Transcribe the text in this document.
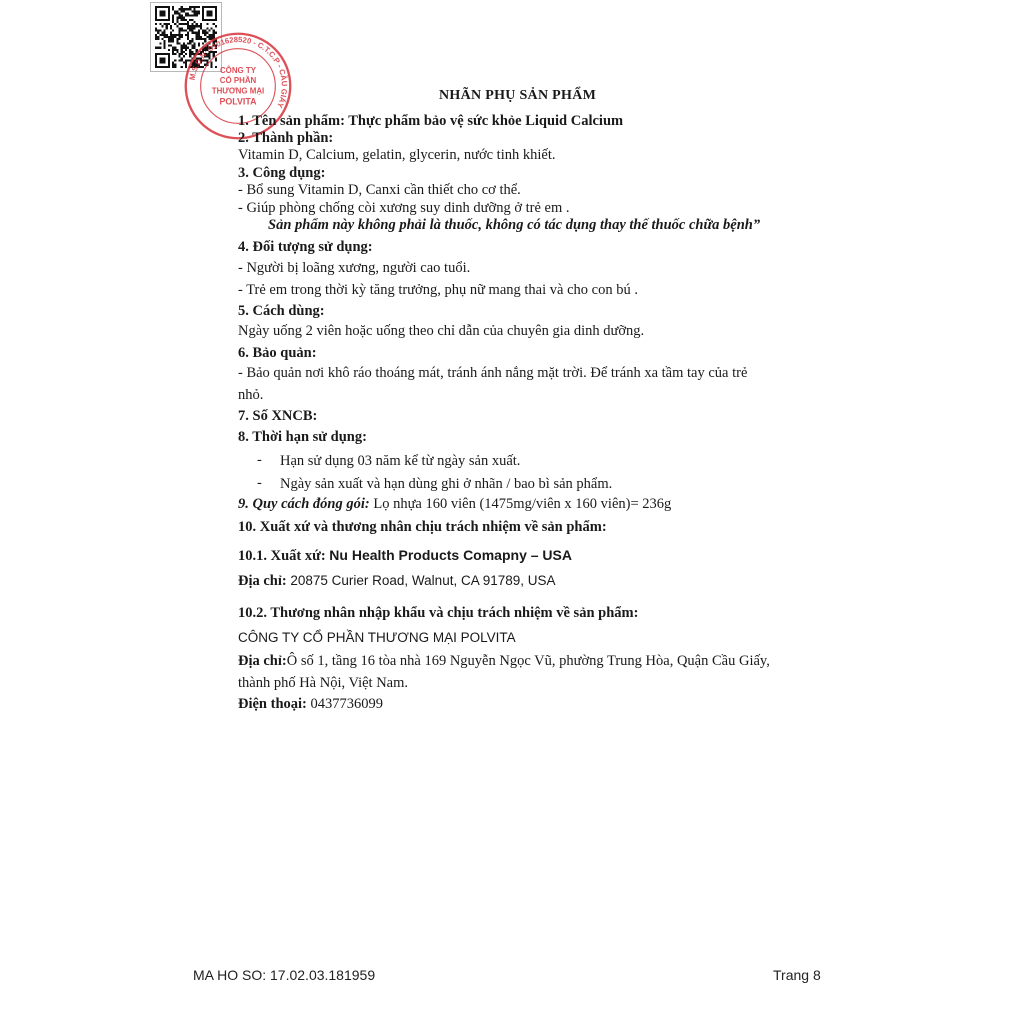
M.S.D.N: 0101628520 - C.T.C.P - CẦU GIẤY
CÔNG TY
CỔ PHẦN
THƯƠNG MẠI
POLVITA	NHÃN PHỤ SẢN PHẨM
1. Tên sản phẩm: Thực phẩm bảo vệ sức khỏe Liquid Calcium
2. Thành phần:
Vitamin D, Calcium, gelatin, glycerin, nước tinh khiết.
3. Công dụng:
- Bổ sung Vitamin D, Canxi cần thiết cho cơ thể.
- Giúp phòng chống còi xương suy dinh dưỡng ở trẻ em .
Sản phẩm này không phải là thuốc, không có tác dụng thay thế thuốc chữa bệnh”
4. Đối tượng sử dụng:
- Người bị loãng xương, người cao tuổi.
- Trẻ em trong thời kỳ tăng trưởng, phụ nữ mang thai và cho con bú .
5. Cách dùng:
Ngày uống 2 viên hoặc uống theo chỉ dẫn của chuyên gia dinh dưỡng.
6. Bảo quản:
- Bảo quản nơi khô ráo thoáng mát, tránh ánh nắng mặt trời. Để tránh xa tầm tay của trẻ
nhỏ.
7. Số XNCB:
8. Thời hạn sử dụng:
- Hạn sử dụng 03 năm kể từ ngày sản xuất.
- Ngày sản xuất và hạn dùng ghi ở nhãn / bao bì sản phẩm.
9. Quy cách đóng gói: Lọ nhựa 160 viên (1475mg/viên x 160 viên)= 236g
10. Xuất xứ và thương nhân chịu trách nhiệm về sản phẩm:
10.1. Xuất xứ: Nu Health Products Comapny – USA
Địa chỉ: 20875 Curier Road, Walnut, CA 91789, USA
10.2. Thương nhân nhập khẩu và chịu trách nhiệm về sản phẩm:
CÔNG TY CỔ PHẦN THƯƠNG MẠI POLVITA
Địa chỉ:Ô số 1, tầng 16 tòa nhà 169 Nguyễn Ngọc Vũ, phường Trung Hòa, Quận Cầu Giấy,
thành phố Hà Nội, Việt Nam.
Điện thoại: 0437736099
MA HO SO: 17.02.03.181959	Trang 8
